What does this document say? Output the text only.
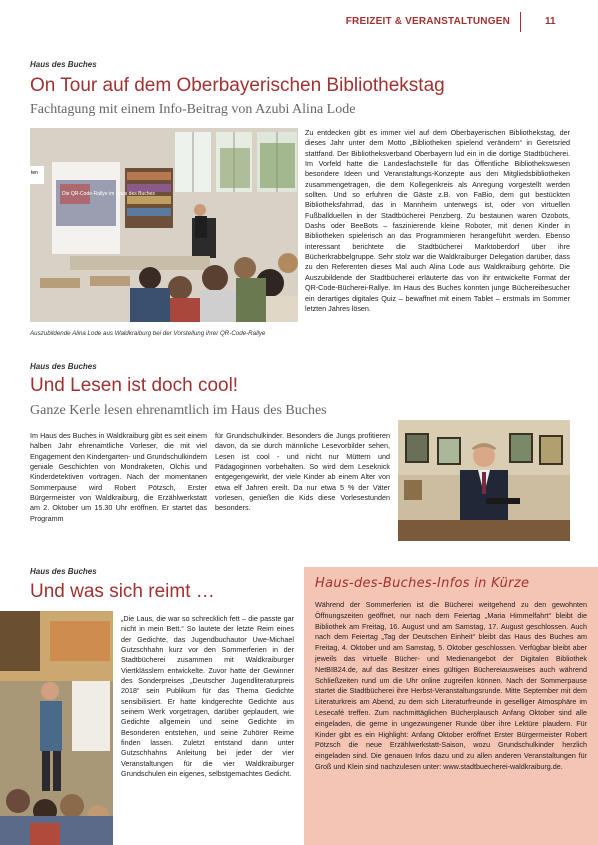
FREIZEIT & VERANSTALTUNGEN	11
Haus des Buches
On Tour auf dem Oberbayerischen Bibliothekstag
Fachtagung mit einem Info-Beitrag von Azubi Alina Lode
Die QR-Code-Rallye im Haus des Buches
ten
Auszubildende Alina Lode aus Waldkraiburg bei der Vorstellung ihrer QR-Code-Rallye
Zu entdecken gibt es immer viel auf dem Oberbayerischen Bibliothekstag, der dieses Jahr unter dem Motto „Bibliotheken spielend verändern“ in Geretsried stattfand. Der Bibliotheksverband Oberbayern lud ein in die dortige Stadtbücherei. Im Vorfeld hatte die Landesfachstelle für das Öffentliche Bibliothekswesen besondere Ideen und Veranstaltungs-Konzepte aus den Mitgliedsbibliotheken zusammengetragen, die dem Kollegenkreis als Anregung vorgestellt werden sollten. Und so erfuhren die Gäste z.B. von FaBio, dem gut bestückten Bibliotheksfahrrad, das in Mannheim unterwegs ist, oder von virtuellen Fußballduellen in der Stadtbücherei Penzberg. Zu bestaunen waren Ozobots, Dashs oder BeeBots – faszinierende kleine Roboter, mit denen Kinder in Bibliotheken spielerisch an das Programmieren herangeführt werden. Ebenso interessant berichtete die Stadtbücherei Marktoberdorf über ihre Bücherkrabbelgruppe. Sehr stolz war die Waldkraiburger Delegation darüber, dass zu den Referenten dieses Mal auch Alina Lode aus Waldkraiburg gehörte. Die Auszubildende der Stadtbücherei erläuterte das von ihr entwickelte Format der QR-Code-Bücherei-Rallye. Im Haus des Buches konnten junge Büchereibesucher ein derartiges digitales Quiz – bewaffnet mit einem Tablet – erstmals im Sommer letzten Jahres lösen.
Haus des Buches
Und Lesen ist doch cool!
Ganze Kerle lesen ehrenamtlich im Haus des Buches
Im Haus des Buches in Waldkraiburg gibt es seit einem halben Jahr ehrenamtliche Vorleser, die mit viel Engagement den Kindergarten- und Grundschulkindern geniale Geschichten von Mondraketen, Olchis und Kinderdetektiven vortragen. Nach der momentanen Sommerpause wird Robert Pötzsch, Erster Bürgermeister von Waldkraiburg, die Erzählwerkstatt am 2. Oktober um 15.30 Uhr eröffnen. Er startet das Programm
für Grundschulkinder. Besonders die Jungs profitieren davon, da sie durch männliche Lesevorbilder sehen, Lesen ist cool - und nicht nur Müttern und Pädagoginnen vorbehalten. So wird dem Leseknick entgegengewirkt, der viele Kinder ab einem Alter von etwa elf Jahren ereilt. Da nur etwa 5 % der Väter vorlesen, genießen die Kids diese Vorlesestunden besonders.
Haus des Buches
Und was sich reimt …
„Die Laus, die war so schrecklich fett – die passte gar nicht in mein Bett.“ So lautete der letzte Reim eines der Gedichte, das Jugendbuchautor Uwe-Michael Gutzschhahn kurz vor den Sommerferien in der Stadtbücherei zusammen mit Waldkraiburger Viertklässlern entwickelte. Zuvor hatte der Gewinner des Sonderpreises „Deutscher Jugendliteraturpreis 2018“ sein Publikum für das Thema Gedichte sensibilisiert. Er hatte kindgerechte Gedichte aus seinem Werk vorgetragen, darüber geplaudert, wie Gedichte allgemein und seine Gedichte im Besonderen entstehen, und seine Zuhörer Reime finden lassen. Zuletzt entstand dann unter Gutzschhahns Anleitung bei jeder der vier Veranstaltungen für die vier Waldkraiburger Grundschulen ein eigenes, selbstgemachtes Gedicht.
Haus-des-Buches-Infos in Kürze
Während der Sommerferien ist die Bücherei weitgehend zu den gewohnten Öffnungszeiten geöffnet, nur nach dem Feiertag „Maria Himmelfahrt“ bleibt die Bibliothek am Freitag, 16. August und am Samstag, 17. August geschlossen. Auch nach dem Feiertag „Tag der Deutschen Einheit“ bleibt das Haus des Buches am Freitag, 4. Oktober und am Samstag, 5. Oktober geschlossen. Verfügbar bleibt aber jeweils das virtuelle Bücher- und Medienangebot der Digitalen Bibliothek NetBIB24.de, auf das Besitzer eines gültigen Büchereiausweises auch während Schließzeiten rund um die Uhr online zugreifen können. Nach der Sommerpause startet die Stadtbücherei ihre Herbst-Veranstaltungsrunde. Mitte September mit dem Literaturkreis am Abend, zu dem sich Literaturfreunde in geselliger Atmosphäre im Lesecafé treffen. Zum nachmittäglichen Bücherplausch Anfang Oktober sind alle eingeladen, die gerne in ungezwungener Runde über ihre Lektüre plaudern. Für Kinder gibt es ein Highlight: Anfang Oktober eröffnet Erster Bürgermeister Robert Pötzsch die neue Erzählwerkstatt-Saison, wozu Grundschulkinder herzlich eingeladen sind. Die genauen Infos dazu und zu allen anderen Veranstaltungen für Groß und Klein sind nachzulesen unter: www.stadtbuecherei-waldkraiburg.de.
